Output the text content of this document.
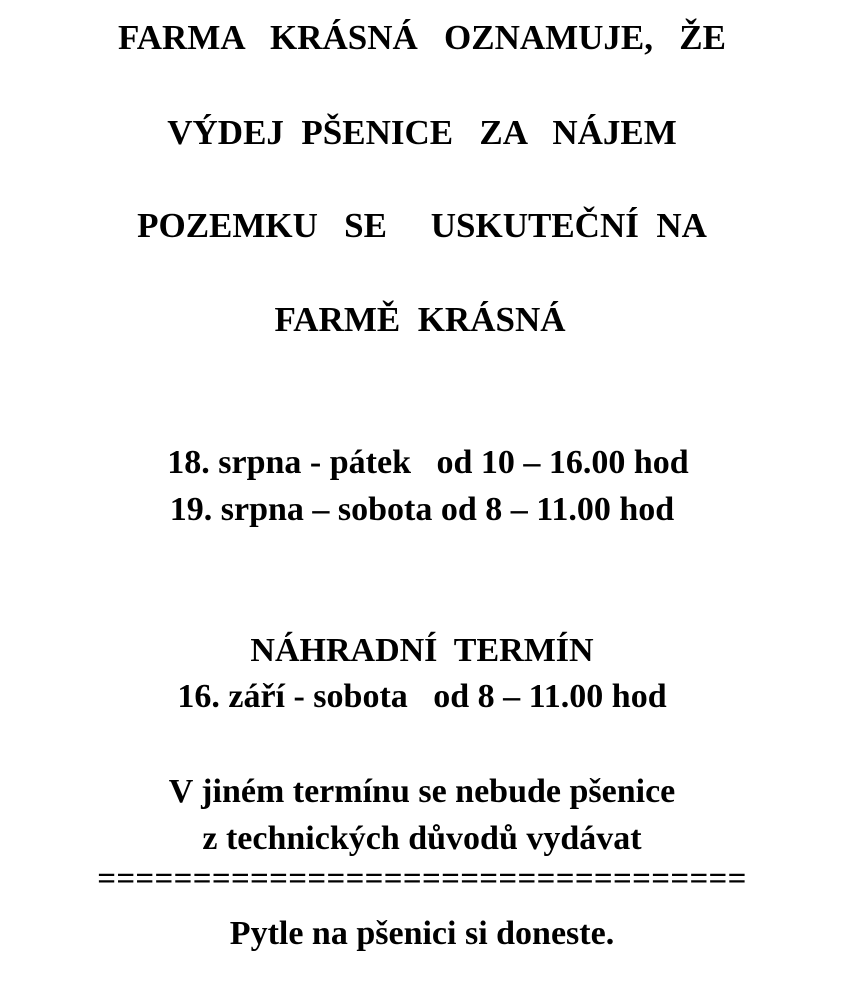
FARMA   KRÁSNÁ   OZNAMUJE,   ŽE
VÝDEJ  PŠENICE   ZA   NÁJEM
POZEMKU   SE     USKUTEČNÍ  NA
FARMĚ  KRÁSNÁ
18. srpna - pátek   od 10 – 16.00 hod
19. srpna – sobota od 8 – 11.00 hod
NÁHRADNÍ  TERMÍN
16. září - sobota   od 8 – 11.00 hod
V jiném termínu se nebude pšenice
z technických důvodů vydávat
==================================
Pytle na pšenici si doneste.
